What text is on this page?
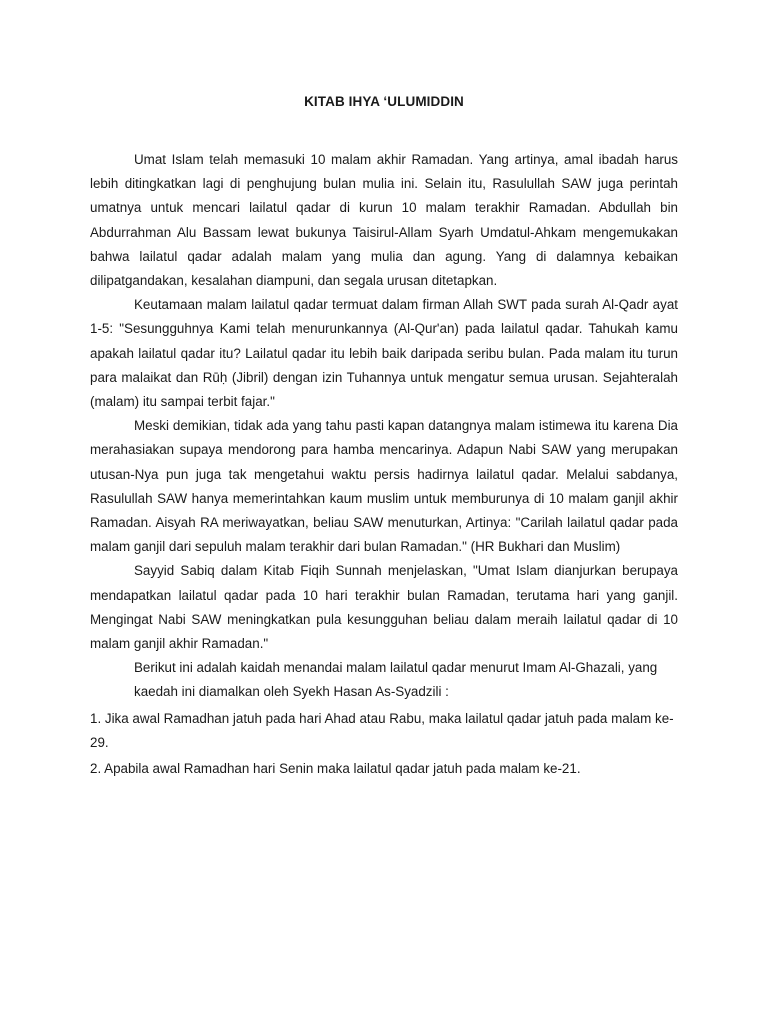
KITAB IHYA ‘ULUMIDDIN

Umat Islam telah memasuki 10 malam akhir Ramadan. Yang artinya, amal ibadah harus lebih ditingkatkan lagi di penghujung bulan mulia ini. Selain itu, Rasulullah SAW juga perintah umatnya untuk mencari lailatul qadar di kurun 10 malam terakhir Ramadan. Abdullah bin Abdurrahman Alu Bassam lewat bukunya Taisirul-Allam Syarh Umdatul-Ahkam mengemukakan bahwa lailatul qadar adalah malam yang mulia dan agung. Yang di dalamnya kebaikan dilipatgandakan, kesalahan diampuni, dan segala urusan ditetapkan.

Keutamaan malam lailatul qadar termuat dalam firman Allah SWT pada surah Al-Qadr ayat 1-5: "Sesungguhnya Kami telah menurunkannya (Al-Qur'an) pada lailatul qadar. Tahukah kamu apakah lailatul qadar itu? Lailatul qadar itu lebih baik daripada seribu bulan. Pada malam itu turun para malaikat dan Rūḥ (Jibril) dengan izin Tuhannya untuk mengatur semua urusan. Sejahteralah (malam) itu sampai terbit fajar."

Meski demikian, tidak ada yang tahu pasti kapan datangnya malam istimewa itu karena Dia merahasiakan supaya mendorong para hamba mencarinya. Adapun Nabi SAW yang merupakan utusan-Nya pun juga tak mengetahui waktu persis hadirnya lailatul qadar. Melalui sabdanya, Rasulullah SAW hanya memerintahkan kaum muslim untuk memburunya di 10 malam ganjil akhir Ramadan. Aisyah RA meriwayatkan, beliau SAW menuturkan, Artinya: "Carilah lailatul qadar pada malam ganjil dari sepuluh malam terakhir dari bulan Ramadan." (HR Bukhari dan Muslim)

Sayyid Sabiq dalam Kitab Fiqih Sunnah menjelaskan, "Umat Islam dianjurkan berupaya mendapatkan lailatul qadar pada 10 hari terakhir bulan Ramadan, terutama hari yang ganjil. Mengingat Nabi SAW meningkatkan pula kesungguhan beliau dalam meraih lailatul qadar di 10 malam ganjil akhir Ramadan."

Berikut ini adalah kaidah menandai malam lailatul qadar menurut Imam Al-Ghazali, yang
kaedah ini diamalkan oleh Syekh Hasan As-Syadzili :

1. Jika awal Ramadhan jatuh pada hari Ahad atau Rabu, maka lailatul qadar jatuh pada malam ke-29.

2. Apabila awal Ramadhan hari Senin maka lailatul qadar jatuh pada malam ke-21.
